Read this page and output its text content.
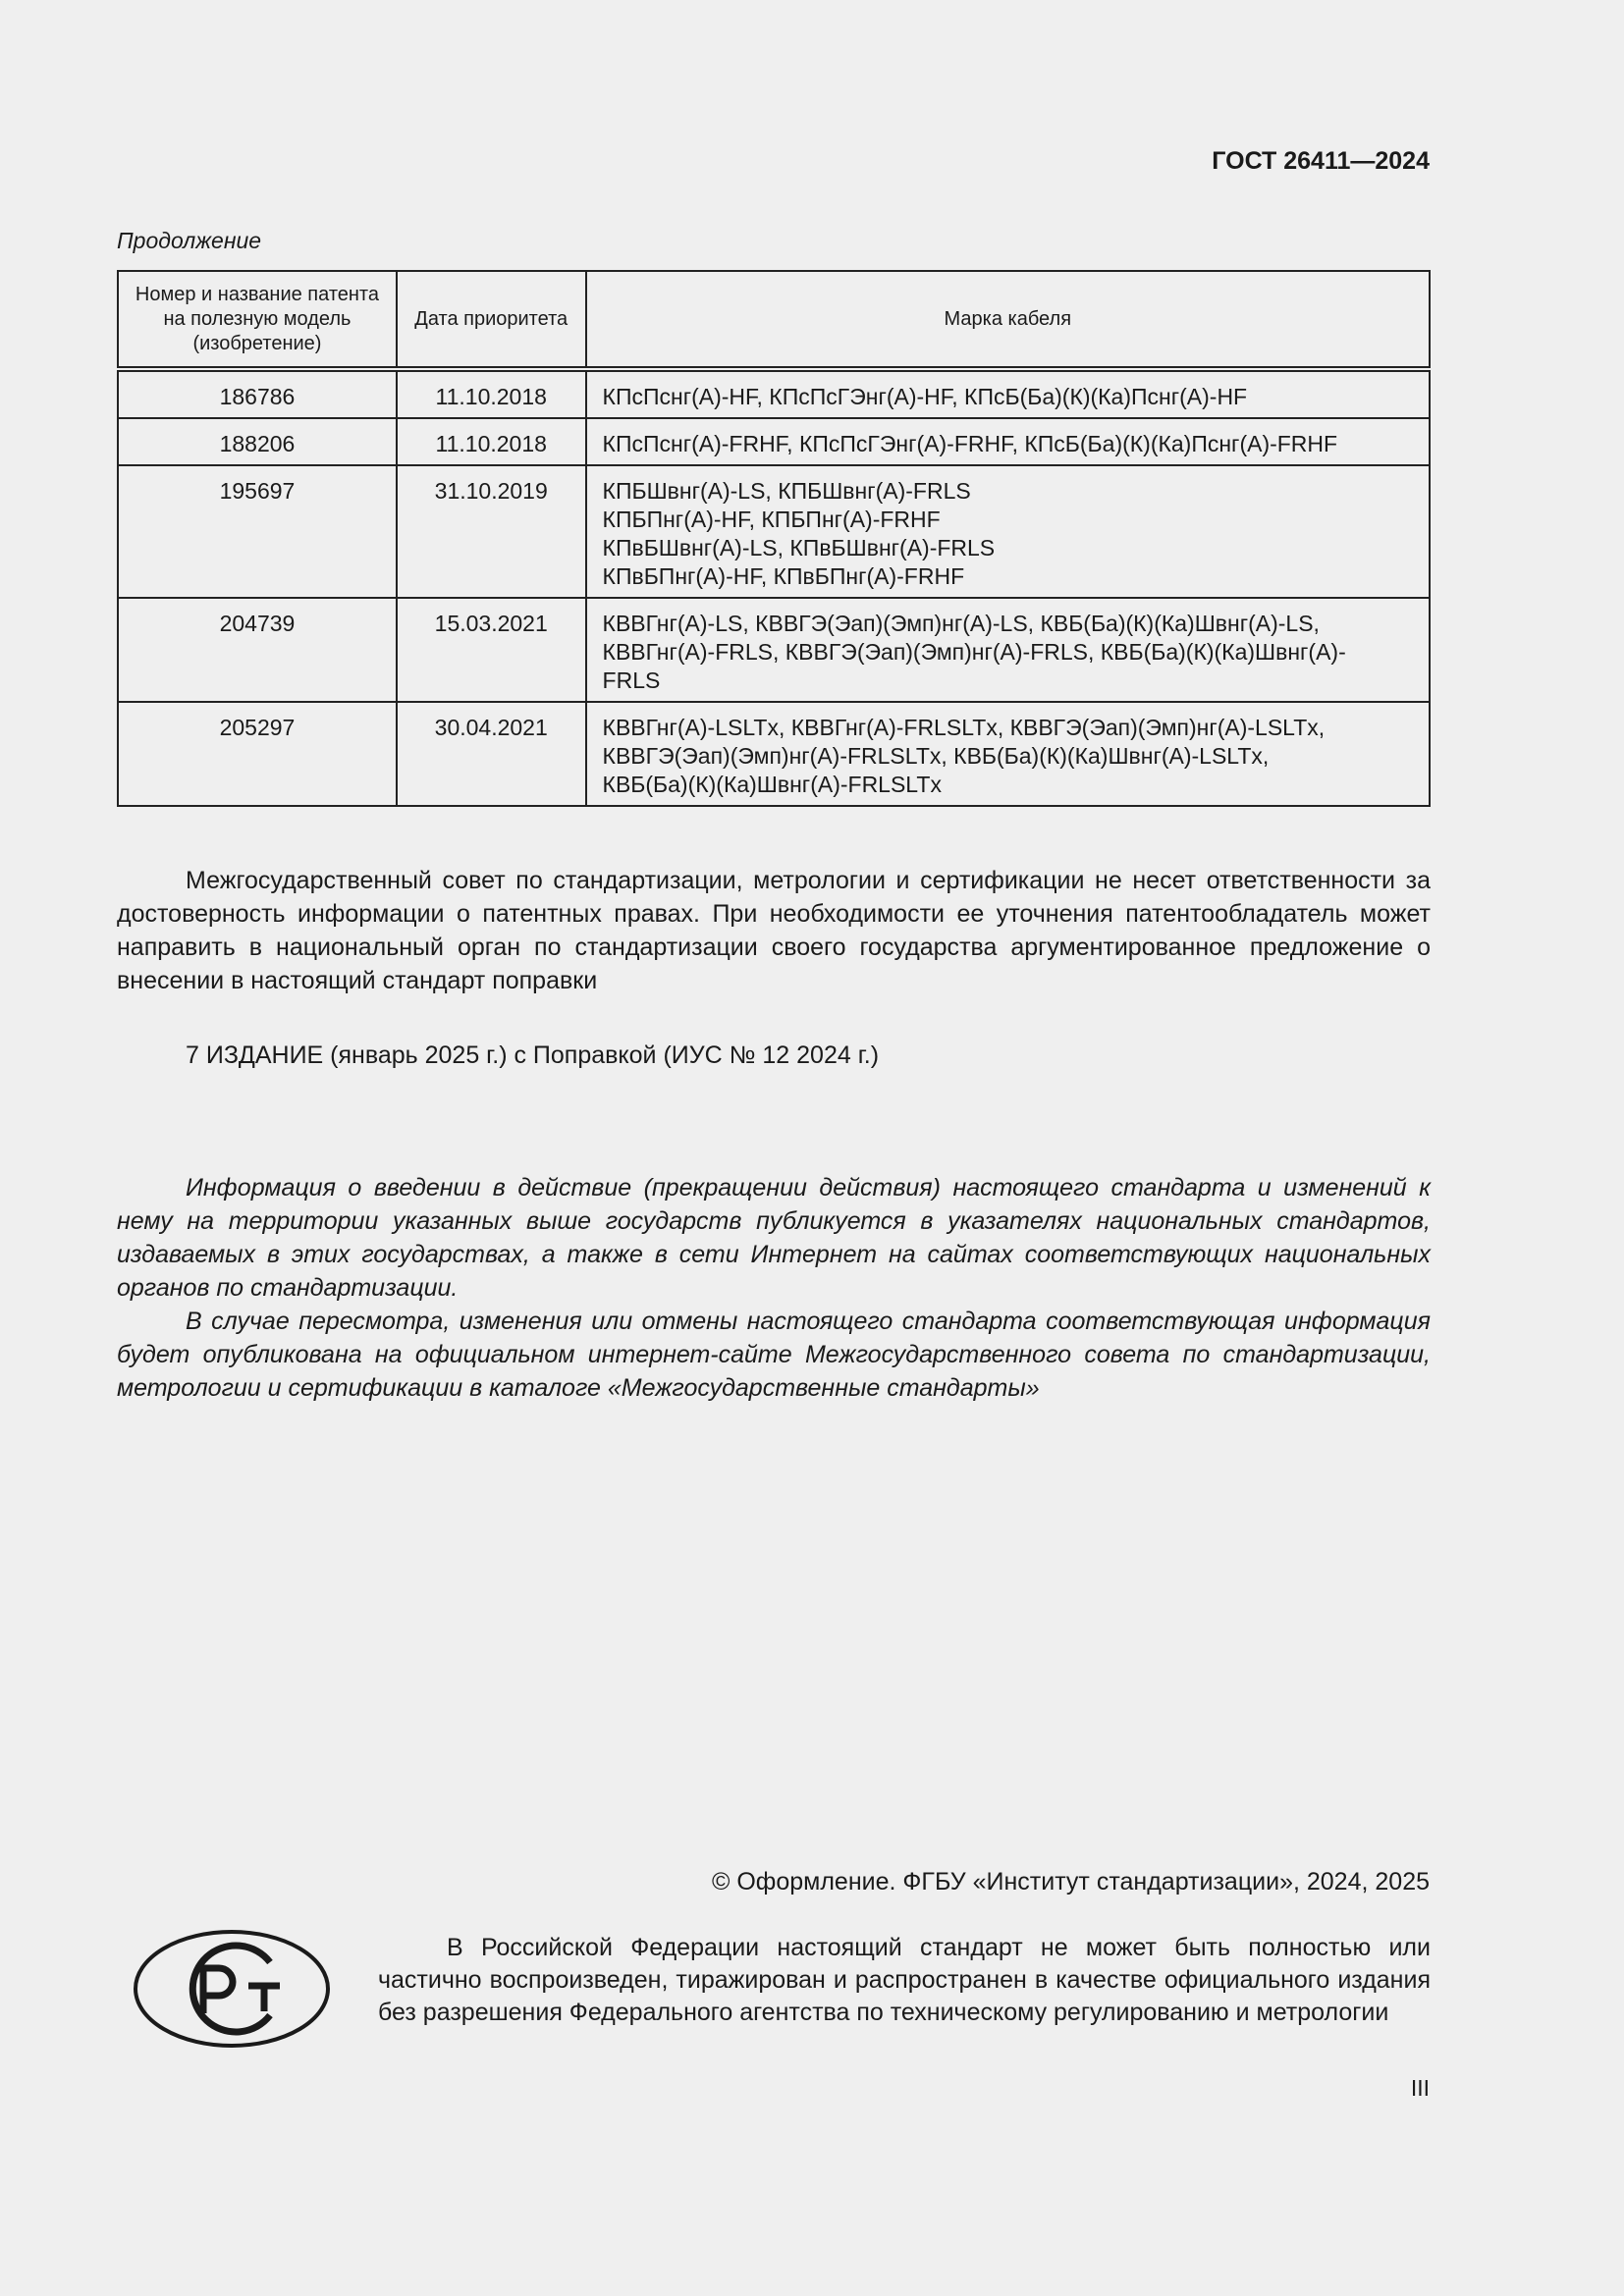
ГОСТ 26411—2024
Продолжение
Номер и название патента на полезную модель (изобретение)	Дата приоритета	Марка кабеля
186786	11.10.2018	КПсПснг(А)-HF, КПсПсГЭнг(А)-HF, КПсБ(Ба)(К)(Ка)Пснг(А)-HF

188206	11.10.2018	КПсПснг(А)-FRHF, КПсПсГЭнг(А)-FRHF, КПсБ(Ба)(К)(Ка)Пснг(А)-FRHF

195697	31.10.2019	КПБШвнг(А)-LS, КПБШвнг(А)-FRLS
КПБПнг(А)-HF, КПБПнг(А)-FRHF
КПвБШвнг(А)-LS, КПвБШвнг(А)-FRLS
КПвБПнг(А)-HF, КПвБПнг(А)-FRHF

204739	15.03.2021	КВВГнг(А)-LS, КВВГЭ(Эап)(Эмп)нг(А)-LS, КВБ(Ба)(К)(Ка)Швнг(А)-LS,
КВВГнг(А)-FRLS, КВВГЭ(Эап)(Эмп)нг(А)-FRLS, КВБ(Ба)(К)(Ка)Швнг(А)-
FRLS

205297	30.04.2021	КВВГнг(А)-LSLTx, КВВГнг(А)-FRLSLTx, КВВГЭ(Эап)(Эмп)нг(А)-LSLTx,
КВВГЭ(Эап)(Эмп)нг(А)-FRLSLTx, КВБ(Ба)(К)(Ка)Швнг(А)-LSLTx,
КВБ(Ба)(К)(Ка)Швнг(А)-FRLSLTx

Межгосударственный совет по стандартизации, метрологии и сертификации не несет ответственности за достоверность информации о патентных правах. При необходимости ее уточнения патентообладатель может направить в национальный орган по стандартизации своего государства аргументированное предложение о внесении в настоящий стандарт поправки

7 ИЗДАНИЕ (январь 2025 г.) с Поправкой (ИУС № 12 2024 г.)

Информация о введении в действие (прекращении действия) настоящего стандарта и изменений к нему на территории указанных выше государств публикуется в указателях национальных стандартов, издаваемых в этих государствах, а также в сети Интернет на сайтах соответствующих национальных органов по стандартизации.

В случае пересмотра, изменения или отмены настоящего стандарта соответствующая информация будет опубликована на официальном интернет-сайте Межгосударственного совета по стандартизации, метрологии и сертификации в каталоге «Межгосударственные стандарты»

© Оформление. ФГБУ «Институт стандартизации», 2024, 2025

В Российской Федерации настоящий стандарт не может быть полностью или частично воспроизведен, тиражирован и распространен в качестве официального издания без разрешения Федерального агентства по техническому регулированию и метрологии

III
